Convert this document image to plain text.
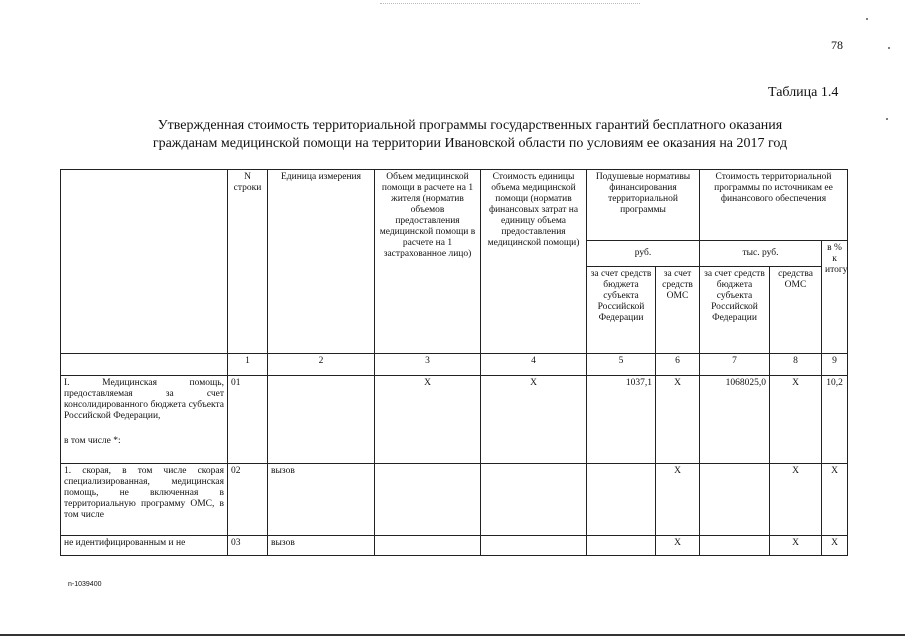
78
Таблица 1.4
Утвержденная стоимость территориальной программы государственных гарантий бесплатного оказания
гражданам медицинской помощи на территории Ивановской области по условиям ее оказания на 2017 год
	N строки	Единица измерения	Объем медицинской помощи в расчете на 1 жителя (норматив объемов предоставления медицинской помощи в расчете на 1 застрахованное лицо)	Стоимость единицы объема медицинской помощи (норматив финансовых затрат на единицу объема предоставления медицинской помощи)	Подушевые нормативы финансирования территориальной программы		Стоимость территориальной программы по источникам ее финансового обеспечения		
					руб.		тыс. руб.		в % к итогу
					за счет средств бюджета субъекта Российской Федерации	за счет средств ОМС	за счет средств бюджета субъекта Российской Федерации	средства ОМС	
	1	2	3	4	5	6	7	8	9

I. Медицинская помощь, предоставляемая за счет консолидированного бюджета субъекта Российской Федерации,
в том числе *:	01		X	X	1037,1	X	1068025,0	X	10,2
1. скорая, в том числе скорая специализированная, медицинская помощь, не включенная в территориальную программу ОМС, в том числе	02	вызов				X		X	X
не идентифицированным и не	03	вызов				X		X	X
n-1039400
